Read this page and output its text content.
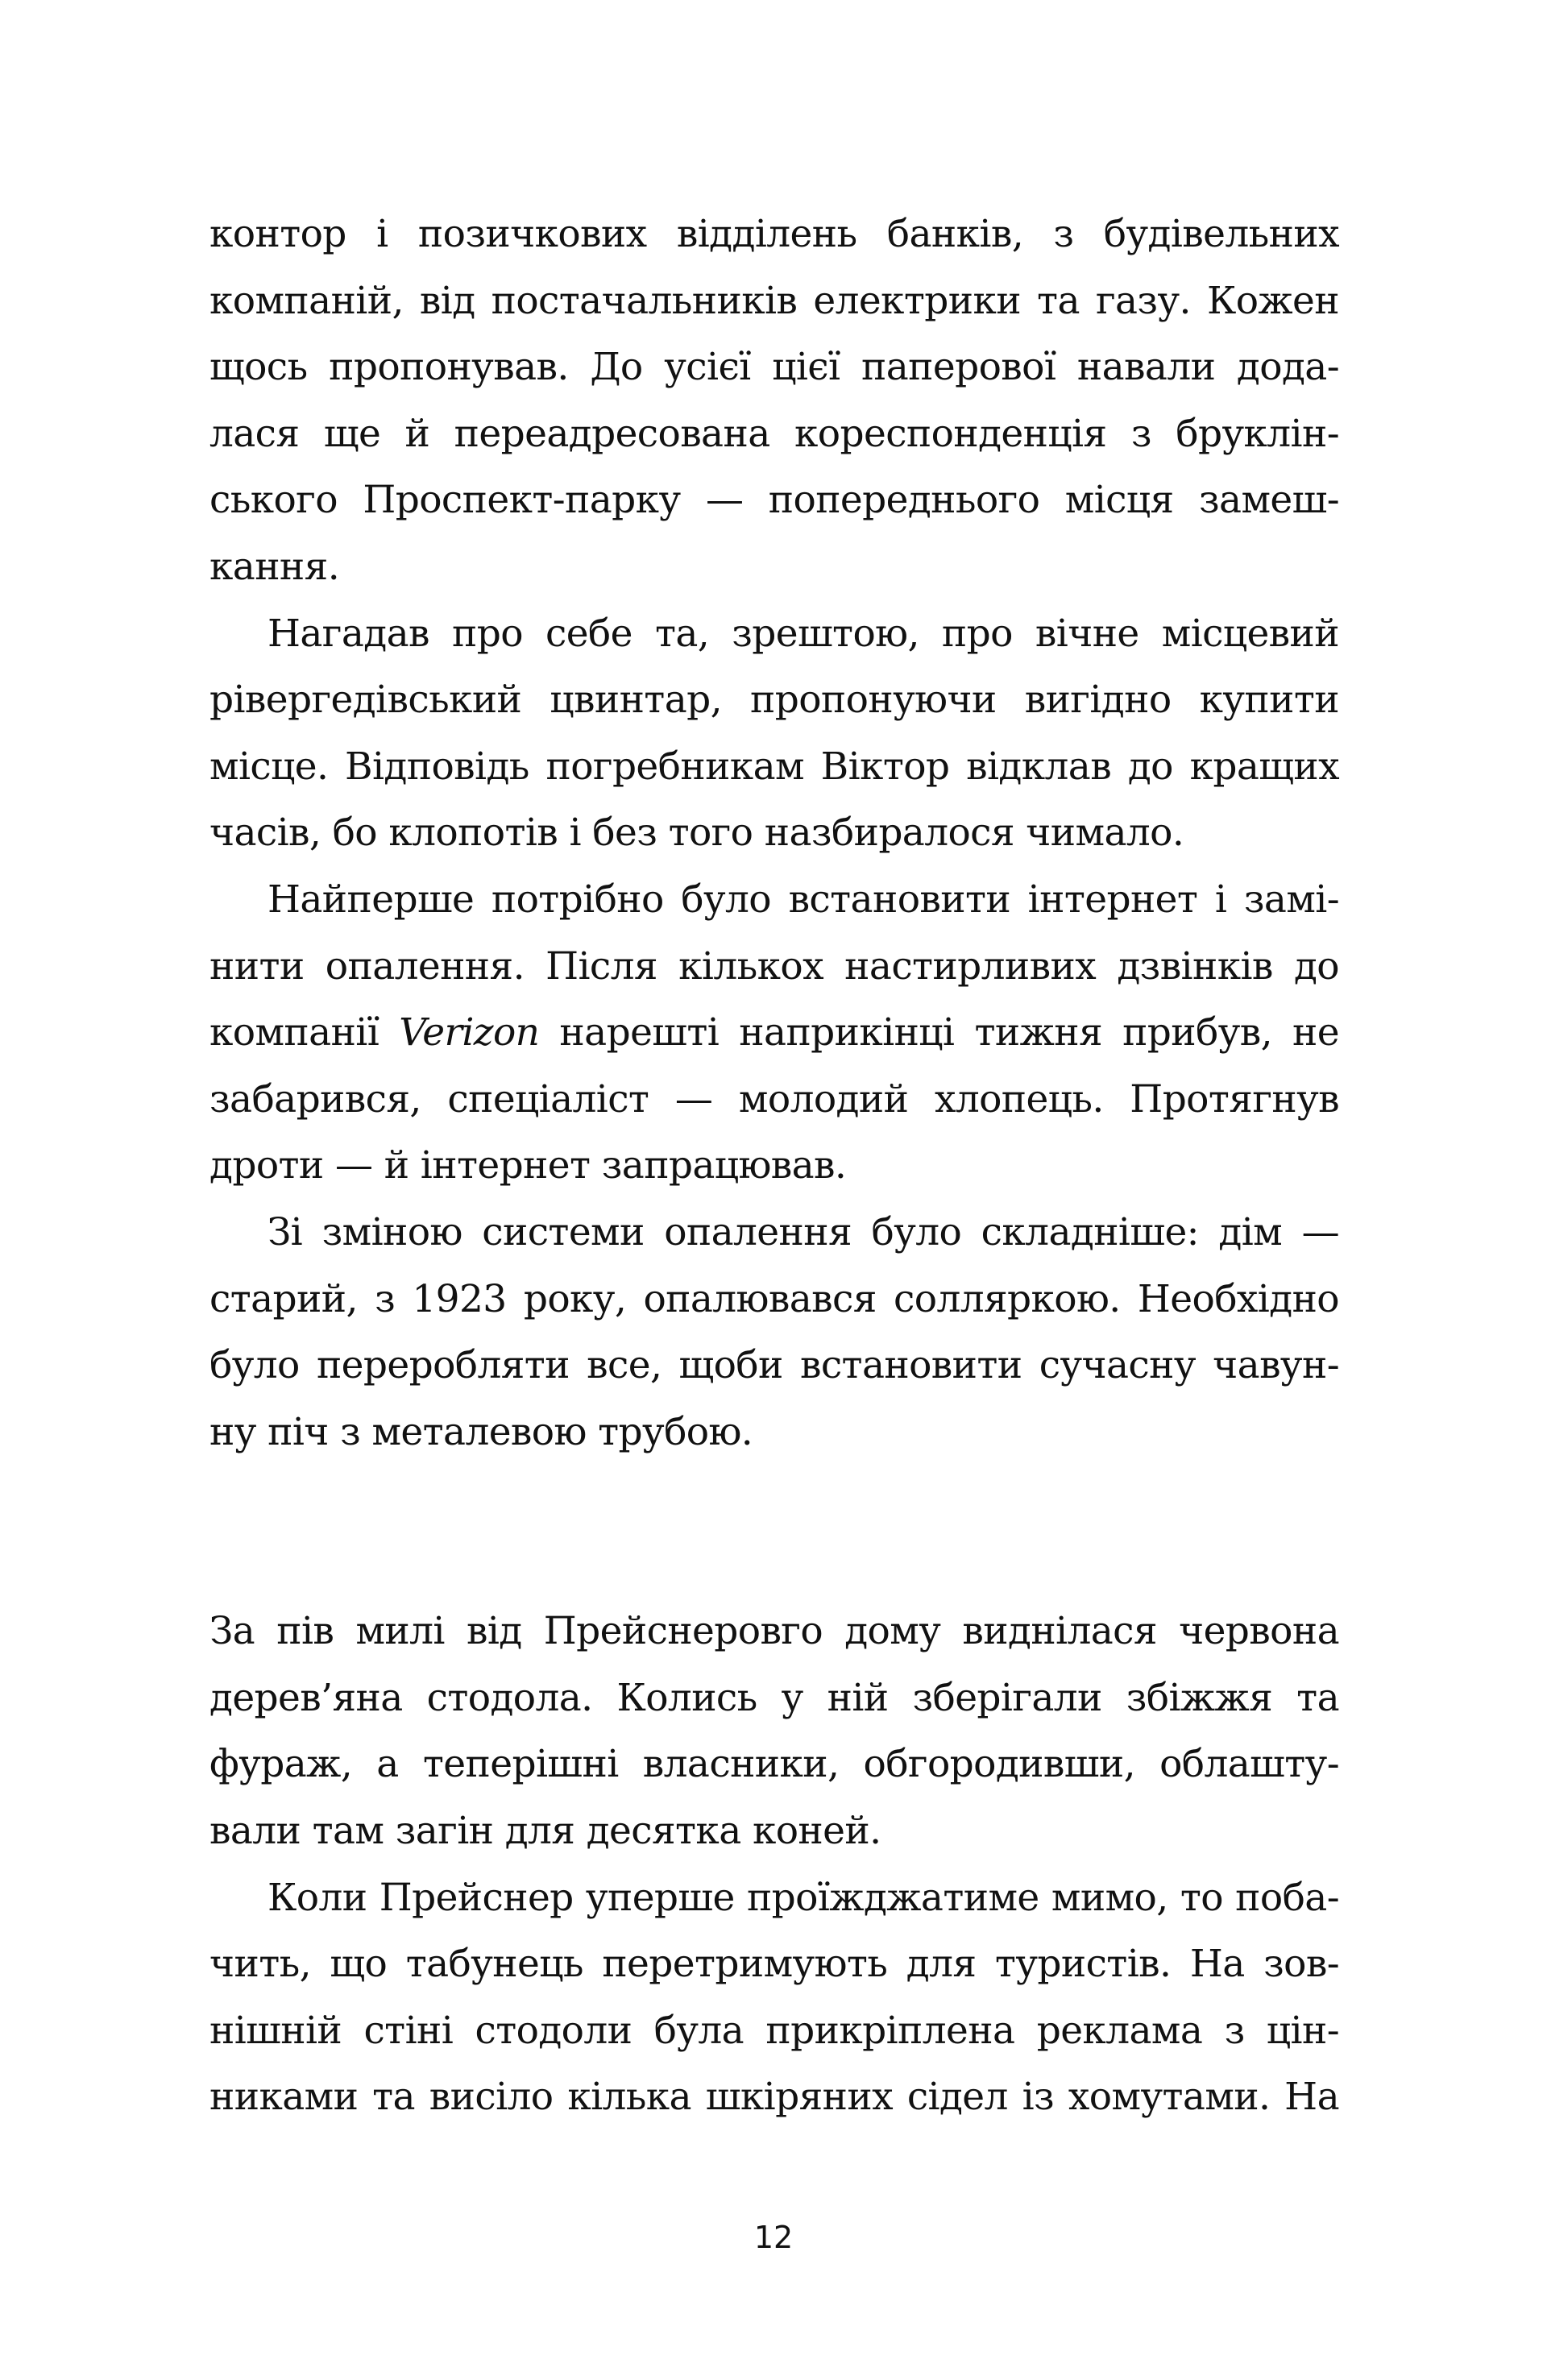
контор і позичкових відділень банків, з будівельних
компаній, від постачальників електрики та газу. Кожен
щось пропонував. До усієї цієї паперової навали дода-
лася ще й переадресована кореспонденція з бруклін-
ського Проспект-парку — попереднього місця замеш-
кання.

Нагадав про себе та, зрештою, про вічне місцевий
рівергедівський цвинтар, пропонуючи вигідно купити
місце. Відповідь погребникам Віктор відклав до кращих
часів, бо клопотів і без того назбиралося чимало.

Найперше потрібно було встановити інтернет і замі-
нити опалення. Після кількох настирливих дзвінків до
компанії Verizon нарешті наприкінці тижня прибув, не
забарився, спеціаліст — молодий хлопець. Протягнув
дроти — й інтернет запрацював.

Зі зміною системи опалення було складніше: дім —
старий, з 1923 року, опалювався солляркою. Необхідно
було переробляти все, щоби встановити сучасну чавун-
ну піч з металевою трубою.

За пів милі від Прейснеровго дому виднілася червона
дерев’яна стодола. Колись у ній зберігали збіжжя та
фураж, а теперішні власники, обгородивши, облашту-
вали там загін для десятка коней.

Коли Прейснер уперше проїжджатиме мимо, то поба-
чить, що табунець перетримують для туристів. На зов-
нішній стіні стодоли була прикріплена реклама з цін-
никами та висіло кілька шкіряних сідел із хомутами. На

12
